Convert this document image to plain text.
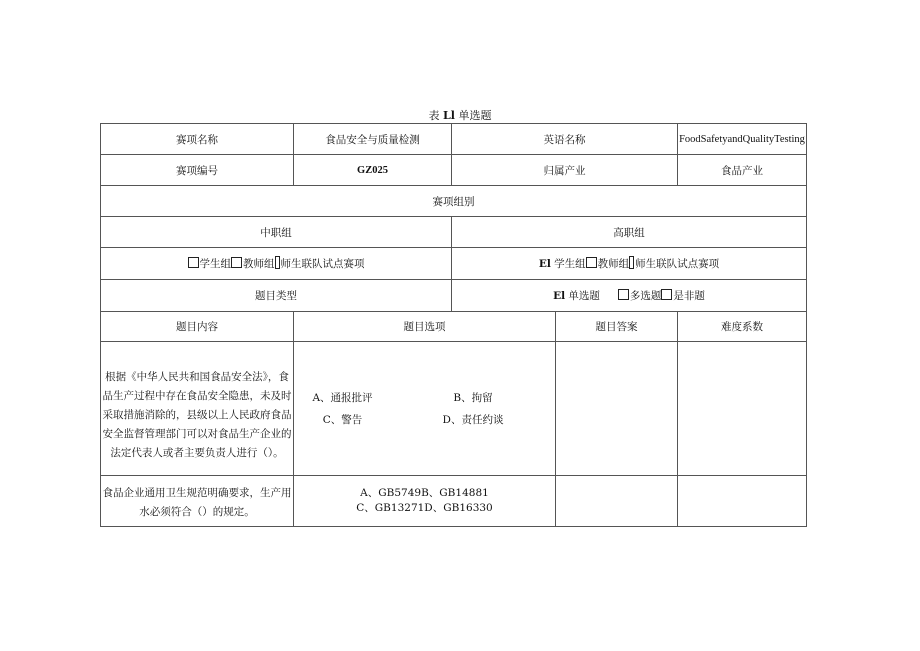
表 Ll 单选题
赛项名称	食品安全与质量检测	英语名称		FoodSafetyandQualityTesting
赛项编号	GZ025	归属产业		食品产业
赛项组别				
中职组		高职组		
学生组 教师组 师生联队试点赛项		El 学生组 教师组 师生联队试点赛项		
题目类型		El 单选题 多选题 是非题		
题目内容	题目选项		题目答案	难度系数
根据《中华人民共和国食品安全法》，食品生产过程中存在食品安全隐患，未及时采取措施消除的，县级以上人民政府食品安全监督管理部门可以对食品生产企业的法定代表人或者主要负责人进行（）。	A、通报批评 B、拘留
C、警告 D、责任约谈			

食品企业通用卫生规范明确要求，生产用水必须符合（）的规定。	A、GB5749B、GB14881
C、GB13271D、GB16330			
